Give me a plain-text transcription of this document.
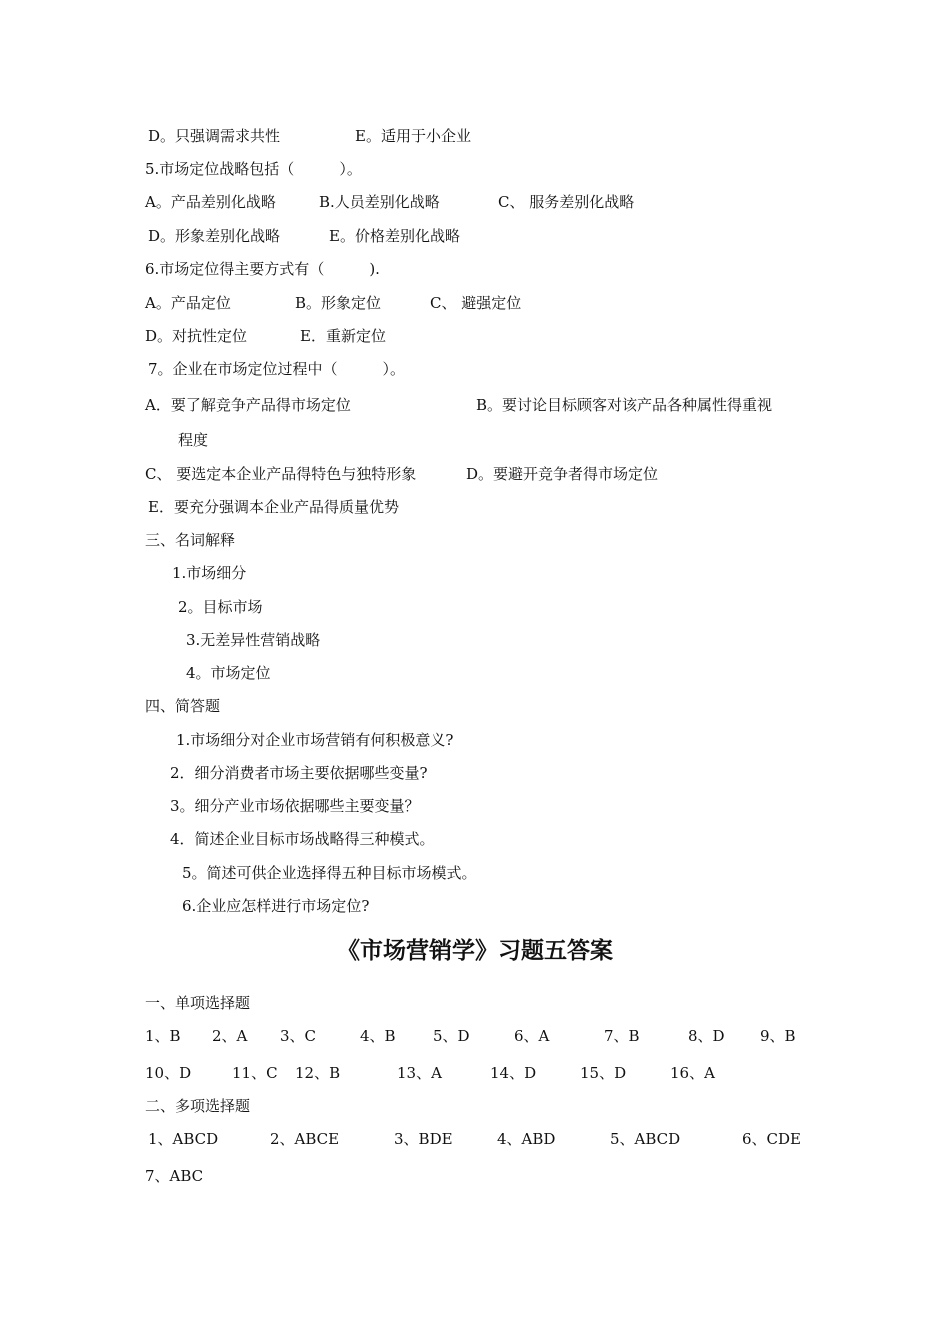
D。只强调需求共性	E。适用于小企业
5.市场定位战略包括（　　　）。
A。产品差别化战略	B.人员差别化战略	C、 服务差别化战略
D。形象差别化战略	E。价格差别化战略
6.市场定位得主要方式有（　　　).
A。产品定位	B。形象定位	C、 避强定位
D。对抗性定位	E．重新定位
7。企业在市场定位过程中（　　　）。
A．要了解竞争产品得市场定位	B。要讨论目标顾客对该产品各种属性得重视
程度
C、 要选定本企业产品得特色与独特形象	D。要避开竞争者得市场定位
E．要充分强调本企业产品得质量优势
三、名词解释
1.市场细分
2。目标市场
3.无差异性营销战略
4。市场定位
四、简答题
1.市场细分对企业市场营销有何积极意义?
2．细分消费者市场主要依据哪些变量?
3。细分产业市场依据哪些主要变量？
4．简述企业目标市场战略得三种模式。
5。简述可供企业选择得五种目标市场模式。
6.企业应怎样进行市场定位?
《市场营销学》习题五答案
一、单项选择题
1、B 2、A 3、C	4、B 5、D	6、A	7、B	8、D 9、B
10、D	11、C 12、B	13、A	14、D	15、D	16、A
二、多项选择题
1、ABCD	2、ABCE	3、BDE	4、ABD	5、ABCD	6、CDE
7、ABC
